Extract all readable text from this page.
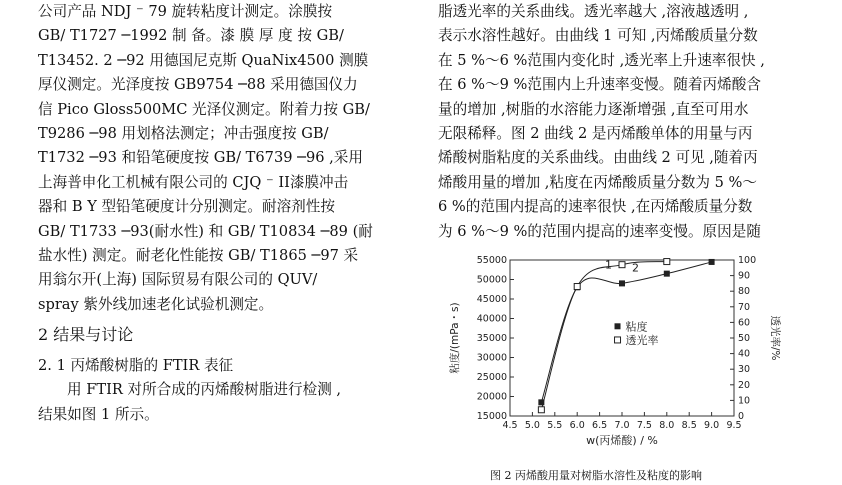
公司产品 NDJ ⁻ 79 旋转粘度计测定。涂膜按

GB/ T1727 ─1992 制 备。漆 膜 厚 度 按 GB/

T13452. 2 ─92 用德国尼克斯 QuaNix4500 测膜

厚仪测定。光泽度按 GB9754 ─88 采用德国仪力

信 Pico Gloss500MC 光泽仪测定。附着力按 GB/

T9286 ─98 用划格法测定；冲击强度按 GB/

T1732 ─93 和铅笔硬度按 GB/ T6739 ─96 ,采用

上海普申化工机械有限公司的 CJQ ⁻ II漆膜冲击

器和 B Y 型铅笔硬度计分别测定。耐溶剂性按

GB/ T1733 ─93(耐水性) 和 GB/ T10834 ─89 (耐

盐水性) 测定。耐老化性能按 GB/ T1865 ─97 采

用翁尔开(上海) 国际贸易有限公司的 QUV/

spray 紫外线加速老化试验机测定。

2 结果与讨论

2. 1 丙烯酸树脂的 FTIR 表征

用 FTIR 对所合成的丙烯酸树脂进行检测 ,

结果如图 1 所示。

脂透光率的关系曲线。透光率越大 ,溶液越透明 ,

表示水溶性越好。由曲线 1 可知 ,丙烯酸质量分数

在 5 %～6 %范围内变化时 ,透光率上升速率很快 ,

在 6 %～9 %范围内上升速率变慢。随着丙烯酸含

量的增加 ,树脂的水溶能力逐渐增强 ,直至可用水

无限稀释。图 2 曲线 2 是丙烯酸单体的用量与丙

烯酸树脂粘度的关系曲线。由曲线 2 可见 ,随着丙

烯酸用量的增加 ,粘度在丙烯酸质量分数为 5 %～

6 %的范围内提高的速率很快 ,在丙烯酸质量分数

为 6 %～9 %的范围内提高的速率变慢。原因是随

4.5 5.0 5.5 6.0 6.5 7.0 7.5 8.0 8.5 9.0 9.5
15000
20000
25000
30000
35000
40000
45000
50000
55000
0
10
20
30
40
50
60
70
80
90
100
w(丙烯酸) / %
粘度/(mPa・s)	透光率/%
1 2
粘度
透光率
图 2 丙烯酸用量对树脂水溶性及粘度的影响
